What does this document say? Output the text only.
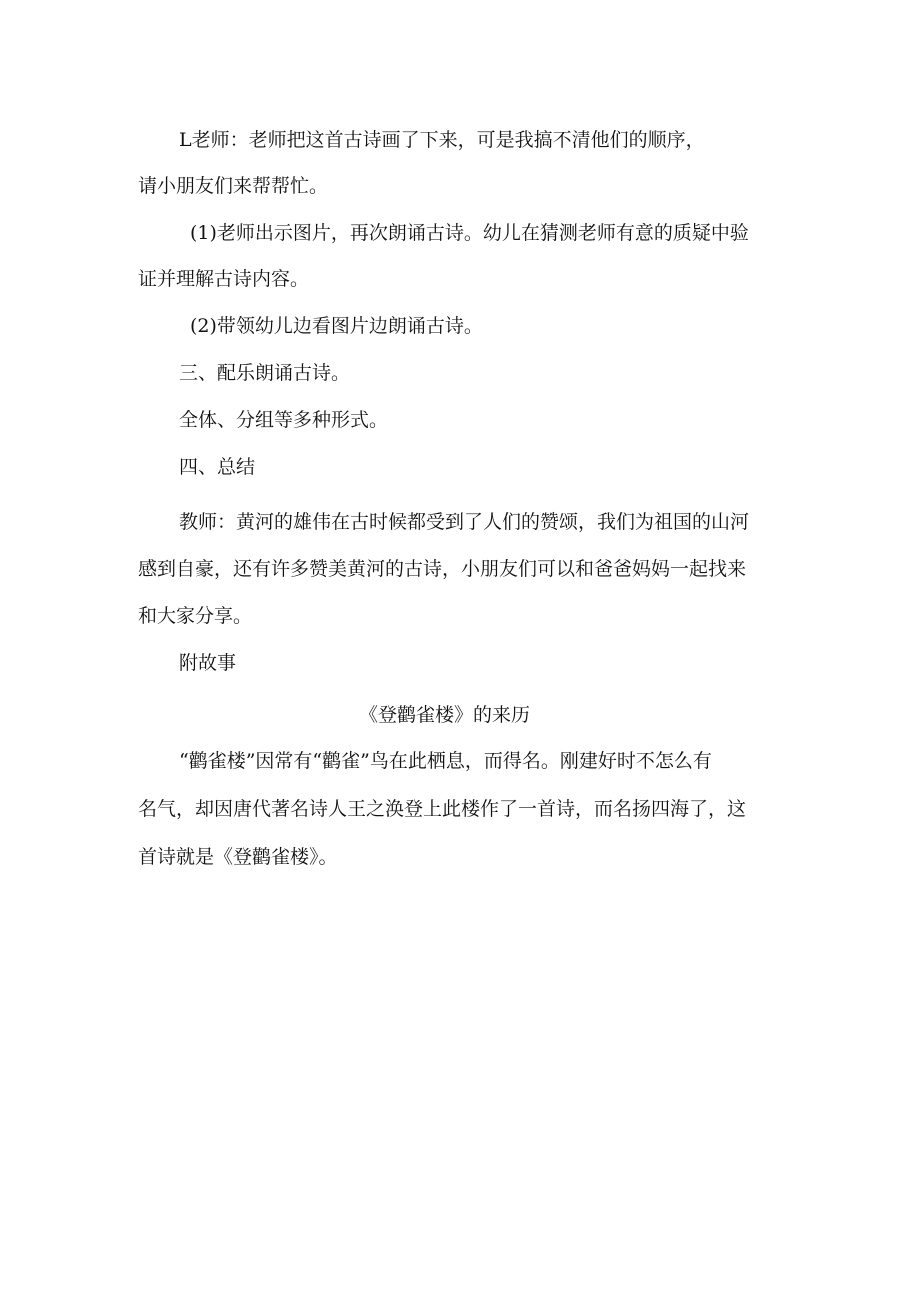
L老师：老师把这首古诗画了下来，可是我搞不清他们的顺序，
请小朋友们来帮帮忙。
(1)老师出示图片，再次朗诵古诗。幼儿在猜测老师有意的质疑中验
证并理解古诗内容。
(2)带领幼儿边看图片边朗诵古诗。
三、配乐朗诵古诗。
全体、分组等多种形式。
四、总结
教师：黄河的雄伟在古时候都受到了人们的赞颂，我们为祖国的山河
感到自豪，还有许多赞美黄河的古诗，小朋友们可以和爸爸妈妈一起找来
和大家分享。
附故事
《登鹳雀楼》的来历
“鹳雀楼”因常有“鹳雀”鸟在此栖息，而得名。刚建好时不怎么有
名气，却因唐代著名诗人王之涣登上此楼作了一首诗，而名扬四海了，这
首诗就是《登鹳雀楼》。
